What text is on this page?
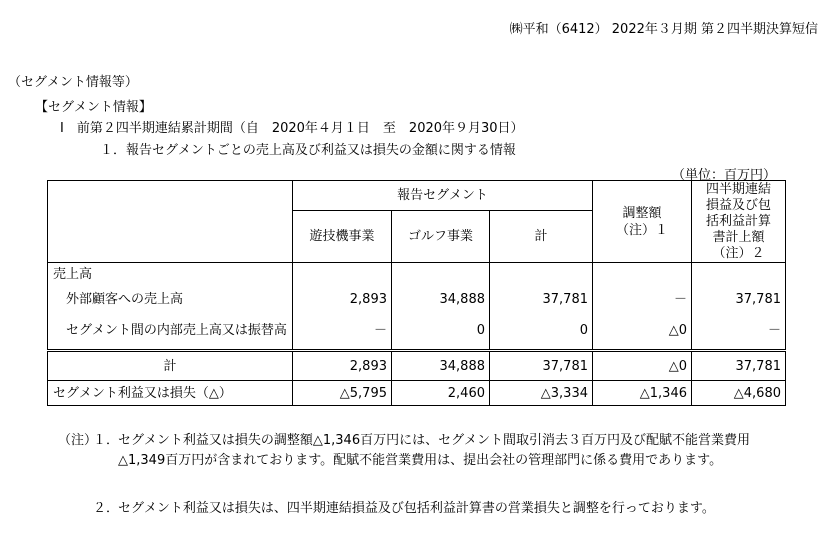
㈱平和（6412） 2022年３月期 第２四半期決算短信
（セグメント情報等）
【セグメント情報】
Ⅰ　前第２四半期連結累計期間（自　2020年４月１日　至　2020年９月30日）
１．報告セグメントごとの売上高及び利益又は損失の金額に関する情報
（単位：百万円）
	報告セグメント			調整額
（注）１	四半期連結
損益及び包
括利益計算
書計上額
（注）２
	遊技機事業	ゴルフ事業	計		
売上高					
外部顧客への売上高	2,893	34,888	37,781	－	37,781
セグメント間の内部売上高又は振替高	－	0	0	△0	－
計	2,893	34,888	37,781	△0	37,781
セグメント利益又は損失（△）	△5,795	2,460	△3,334	△1,346	△4,680
（注）
１．
セグメント利益又は損失の調整額△1,346百万円には、セグメント間取引消去３百万円及び配賦不能営業費用△1,349百万円が含まれております。配賦不能営業費用は、提出会社の管理部門に係る費用であります。
２．
セグメント利益又は損失は、四半期連結損益及び包括利益計算書の営業損失と調整を行っております。
